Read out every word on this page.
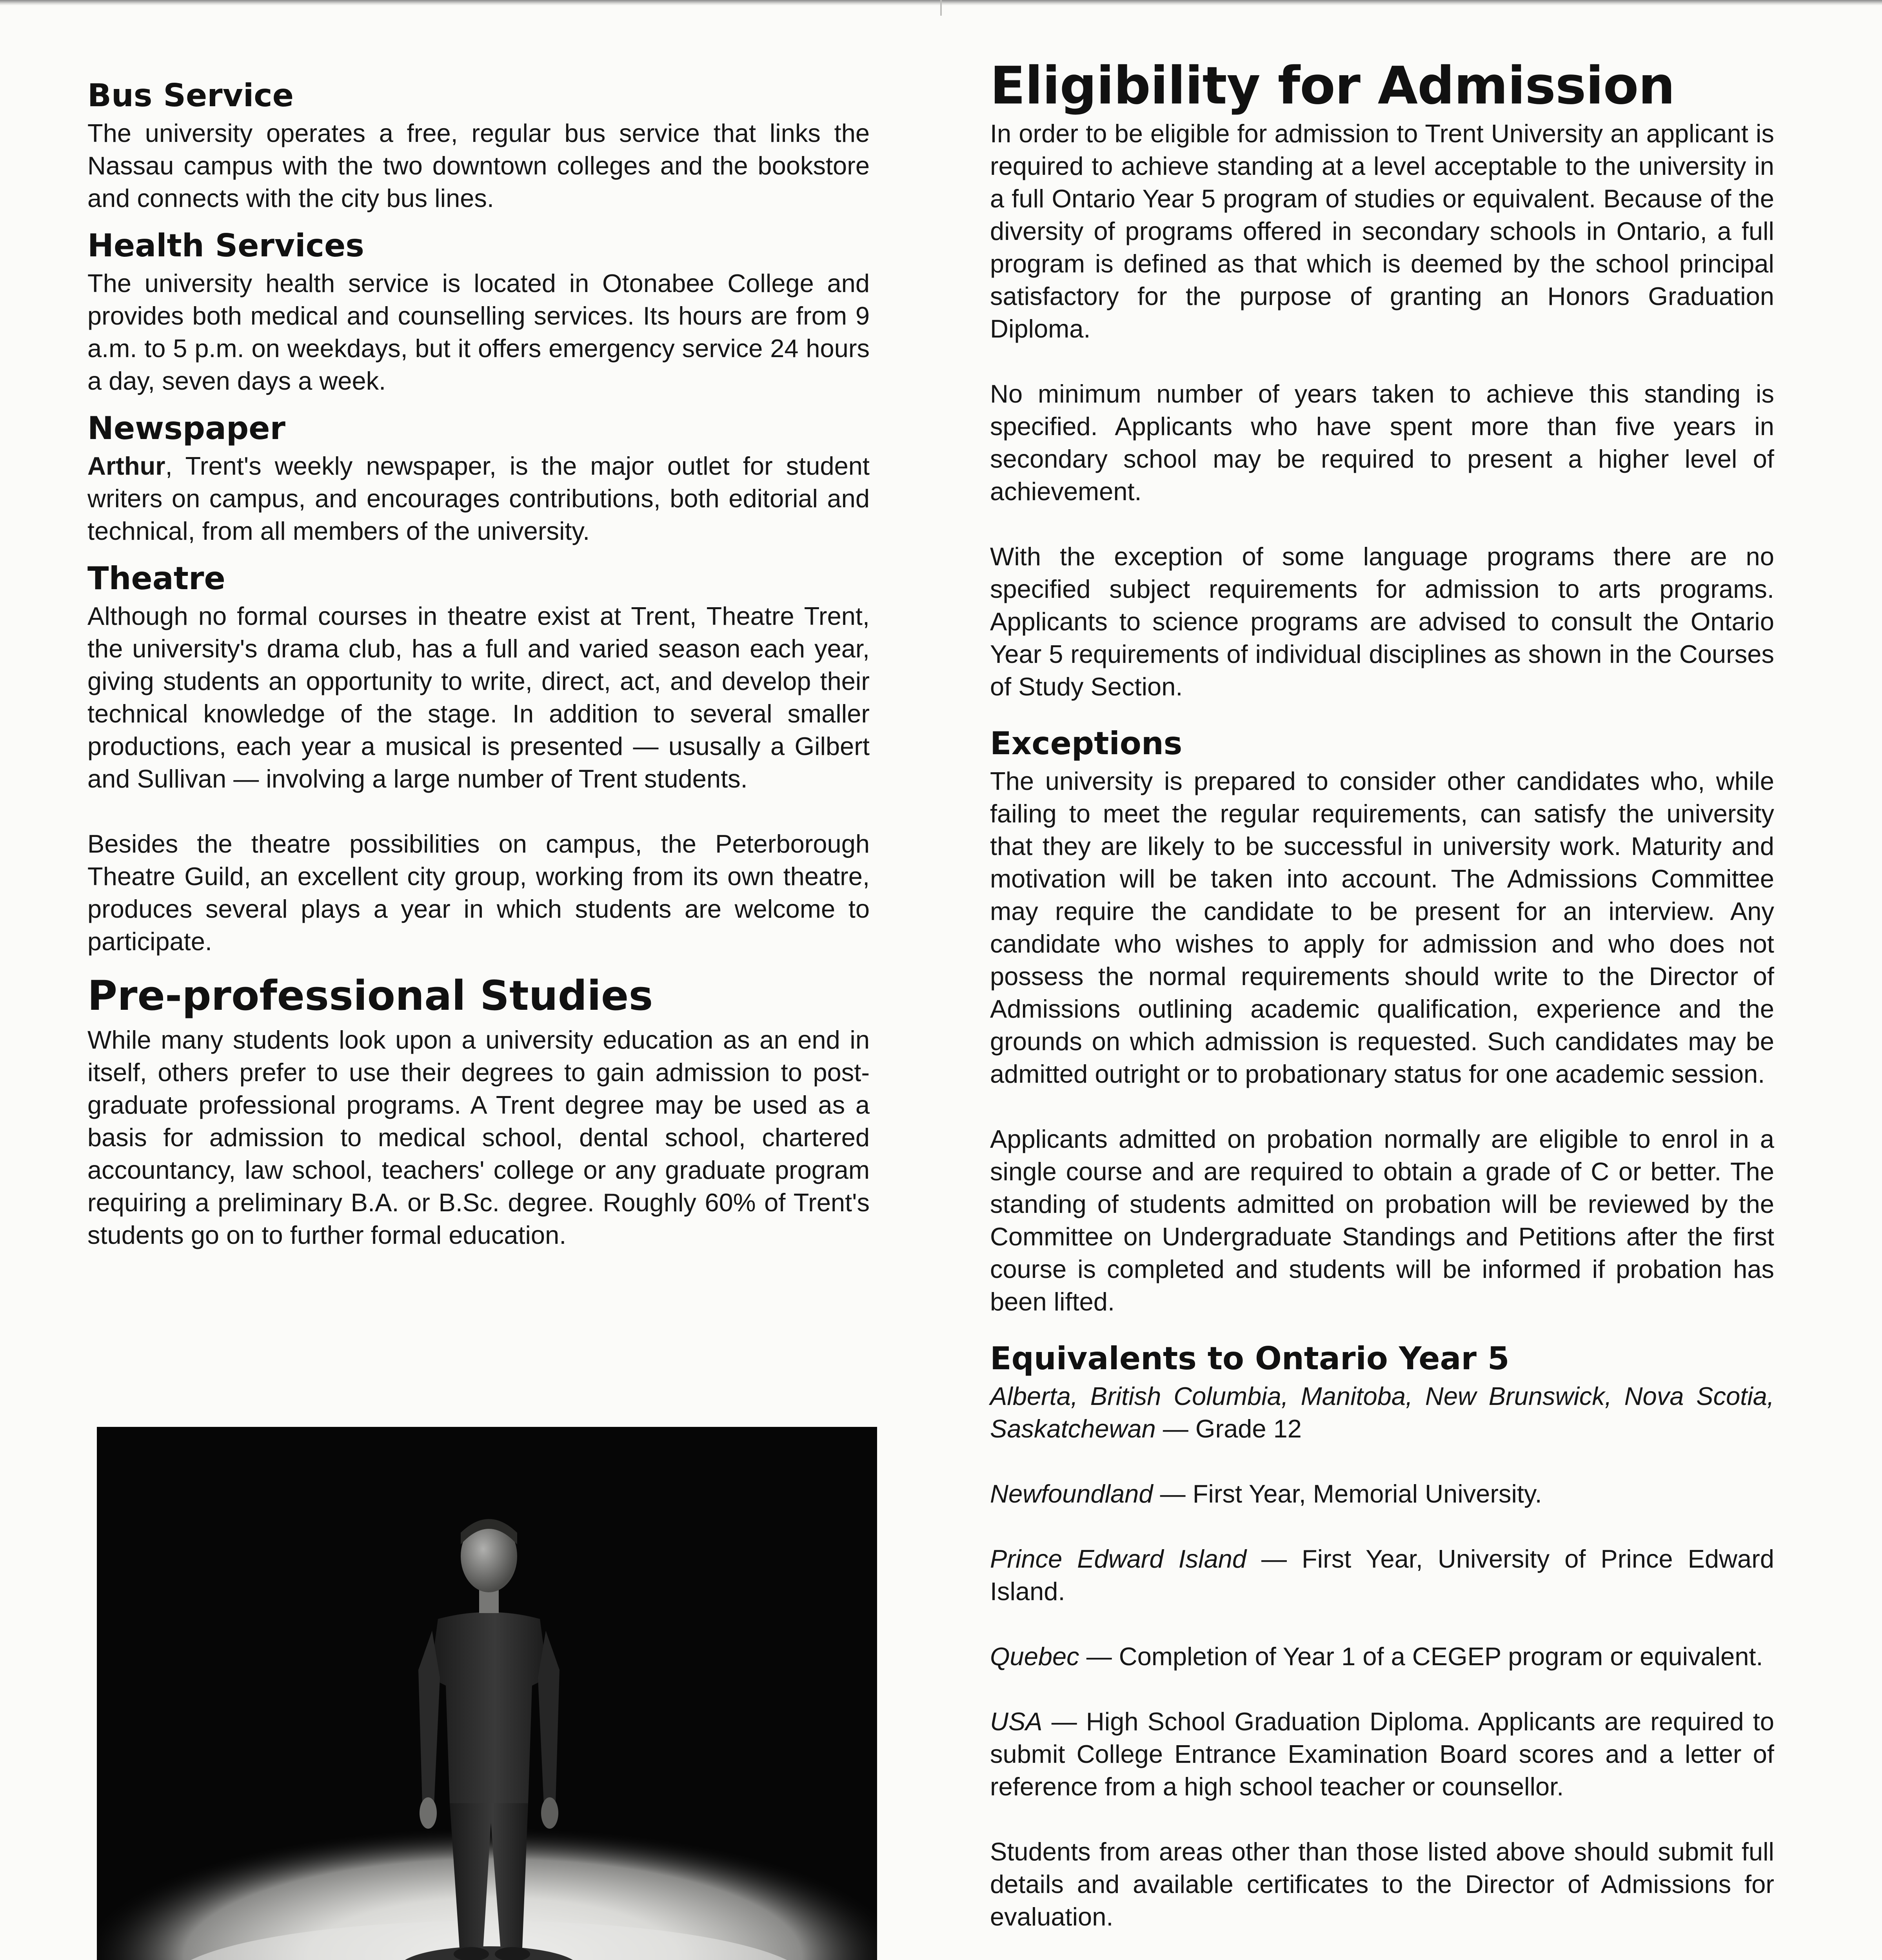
Bus Service

The university operates a free, regular bus service that links the Nassau campus with the two downtown colleges and the bookstore and connects with the city bus lines.

Health Services

The university health service is located in Otonabee College and provides both medical and counselling services. Its hours are from 9 a.m. to 5 p.m. on weekdays, but it offers emergency service 24 hours a day, seven days a week.

Newspaper

Arthur, Trent's weekly newspaper, is the major outlet for student writers on campus, and encourages contributions, both editorial and technical, from all members of the university.

Theatre

Although no formal courses in theatre exist at Trent, Theatre Trent, the university's drama club, has a full and varied season each year, giving students an opportunity to write, direct, act, and develop their technical knowledge of the stage. In addition to several smaller productions, each year a musical is presented — ususally a Gilbert and Sullivan — involving a large number of Trent students.

Besides the theatre possibilities on campus, the Peterborough Theatre Guild, an excellent city group, working from its own theatre, produces several plays a year in which students are welcome to participate.

Pre-professional Studies

While many students look upon a university education as an end in itself, others prefer to use their degrees to gain admission to post-graduate professional programs. A Trent degree may be used as a basis for admission to medical school, dental school, chartered accountancy, law school, teachers' college or any graduate program requiring a preliminary B.A. or B.Sc. degree. Roughly 60% of Trent's students go on to further formal education.

Eligibility for Admission

In order to be eligible for admission to Trent University an applicant is required to achieve standing at a level acceptable to the university in a full Ontario Year 5 program of studies or equivalent. Because of the diversity of programs offered in secondary schools in Ontario, a full program is defined as that which is deemed by the school principal satisfactory for the purpose of granting an Honors Graduation Diploma.

No minimum number of years taken to achieve this standing is specified. Applicants who have spent more than five years in secondary school may be required to present a higher level of achievement.

With the exception of some language programs there are no specified subject requirements for admission to arts programs. Applicants to science programs are advised to consult the Ontario Year 5 requirements of individual disciplines as shown in the Courses of Study Section.

Exceptions

The university is prepared to consider other candidates who, while failing to meet the regular requirements, can satisfy the university that they are likely to be successful in university work. Maturity and motivation will be taken into account. The Admissions Committee may require the candidate to be present for an interview. Any candidate who wishes to apply for admission and who does not possess the normal requirements should write to the Director of Admissions outlining academic qualification, experience and the grounds on which admission is requested. Such candidates may be admitted outright or to probationary status for one academic session.

Applicants admitted on probation normally are eligible to enrol in a single course and are required to obtain a grade of C or better. The standing of students admitted on probation will be reviewed by the Committee on Undergraduate Standings and Petitions after the first course is completed and students will be informed if probation has been lifted.

Equivalents to Ontario Year 5

Alberta, British Columbia, Manitoba, New Brunswick, Nova Scotia, Saskatchewan — Grade 12

Newfoundland — First Year, Memorial University.

Prince Edward Island — First Year, University of Prince Edward Island.

Quebec — Completion of Year 1 of a CEGEP program or equivalent.

USA — High School Graduation Diploma. Applicants are required to submit College Entrance Examination Board scores and a letter of reference from a high school teacher or counsellor.

Students from areas other than those listed above should submit full details and available certificates to the Director of Admissions for evaluation.
